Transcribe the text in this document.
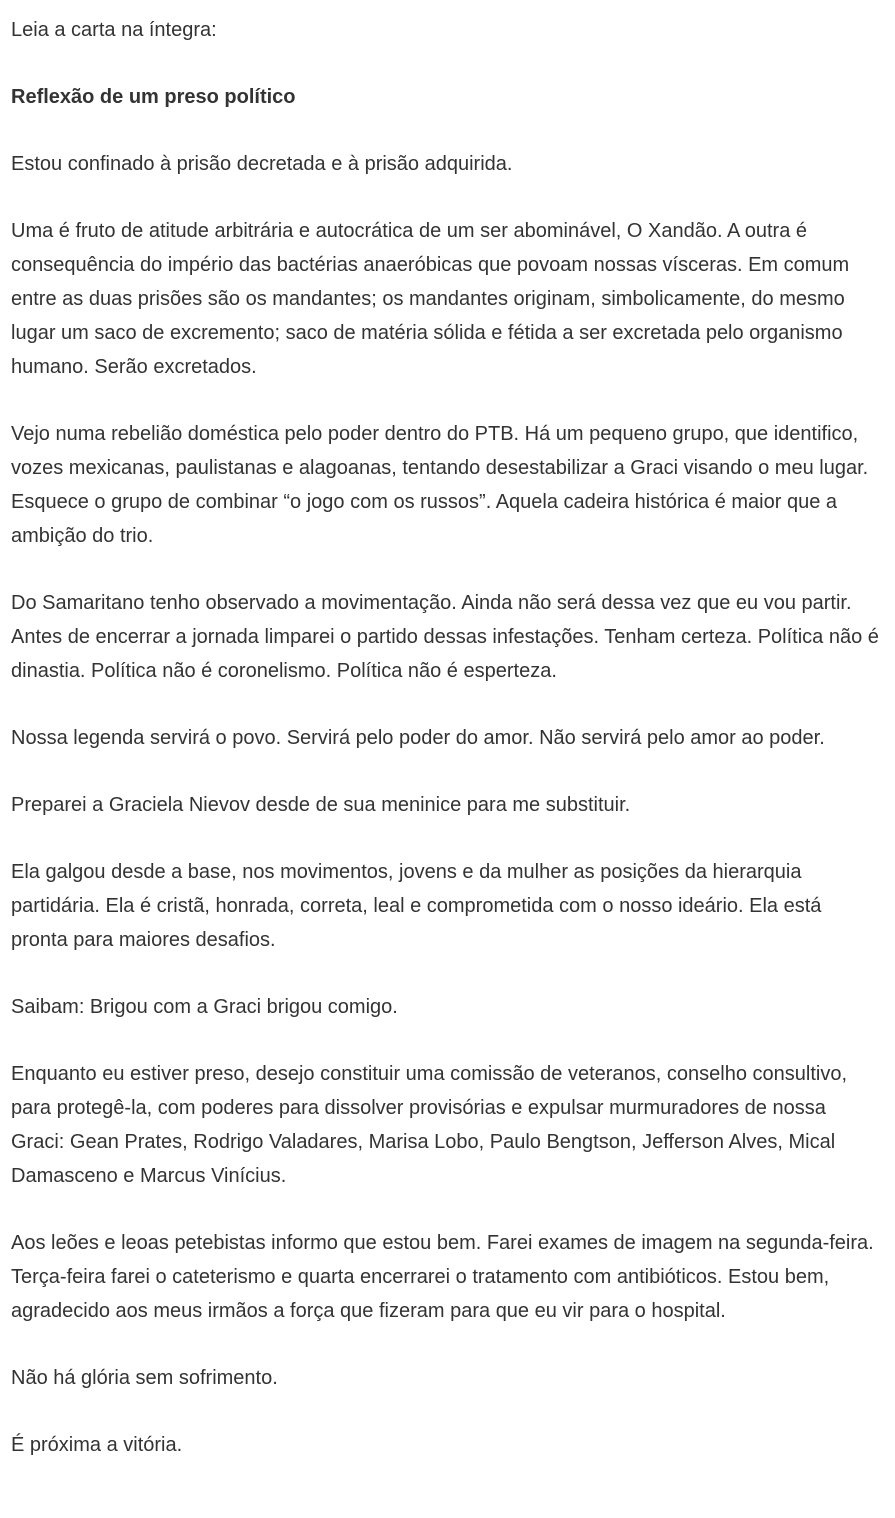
Leia a carta na íntegra:

Reflexão de um preso político

Estou confinado à prisão decretada e à prisão adquirida.

Uma é fruto de atitude arbitrária e autocrática de um ser abominável, O Xandão. A outra é consequência do império das bactérias anaeróbicas que povoam nossas vísceras. Em comum entre as duas prisões são os mandantes; os mandantes originam, simbolicamente, do mesmo lugar um saco de excremento; saco de matéria sólida e fétida a ser excretada pelo organismo humano. Serão excretados.

Vejo numa rebelião doméstica pelo poder dentro do PTB. Há um pequeno grupo, que identifico, vozes mexicanas, paulistanas e alagoanas, tentando desestabilizar a Graci visando o meu lugar. Esquece o grupo de combinar “o jogo com os russos”. Aquela cadeira histórica é maior que a ambição do trio.

Do Samaritano tenho observado a movimentação. Ainda não será dessa vez que eu vou partir. Antes de encerrar a jornada limparei o partido dessas infestações. Tenham certeza. Política não é dinastia. Política não é coronelismo. Política não é esperteza.

Nossa legenda servirá o povo. Servirá pelo poder do amor. Não servirá pelo amor ao poder.

Preparei a Graciela Nievov desde de sua meninice para me substituir.

Ela galgou desde a base, nos movimentos, jovens e da mulher as posições da hierarquia partidária. Ela é cristã, honrada, correta, leal e comprometida com o nosso ideário. Ela está pronta para maiores desafios.

Saibam: Brigou com a Graci brigou comigo.

Enquanto eu estiver preso, desejo constituir uma comissão de veteranos, conselho consultivo, para protegê-la, com poderes para dissolver provisórias e expulsar murmuradores de nossa Graci: Gean Prates, Rodrigo Valadares, Marisa Lobo, Paulo Bengtson, Jefferson Alves, Mical Damasceno e Marcus Vinícius.

Aos leões e leoas petebistas informo que estou bem. Farei exames de imagem na segunda-feira. Terça-feira farei o cateterismo e quarta encerrarei o tratamento com antibióticos. Estou bem, agradecido aos meus irmãos a força que fizeram para que eu vir para o hospital.

Não há glória sem sofrimento.

É próxima a vitória.
